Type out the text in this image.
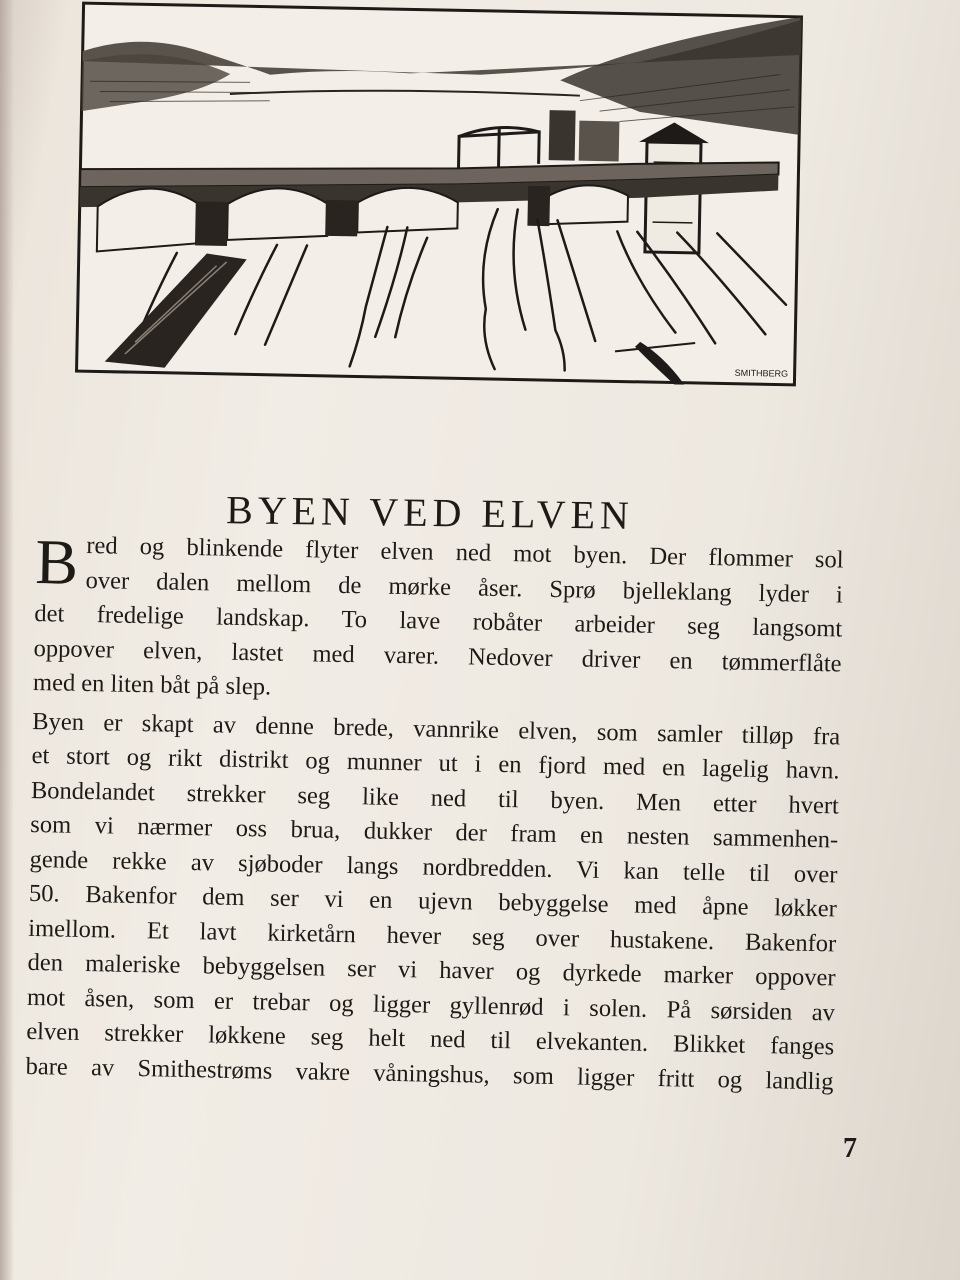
SMITHBERG
BYEN VED ELVEN
B red og blinkende flyter elven ned mot byen. Der flommer sol
over dalen mellom de mørke åser. Sprø bjelleklang lyder i
det fredelige landskap. To lave robåter arbeider seg langsomt
oppover elven, lastet med varer. Nedover driver en tømmerflåte
med en liten båt på slep.
Byen er skapt av denne brede, vannrike elven, som samler tilløp fra
et stort og rikt distrikt og munner ut i en fjord med en lagelig havn.
Bondelandet strekker seg like ned til byen. Men etter hvert
som vi nærmer oss brua, dukker der fram en nesten sammenhen-
gende rekke av sjøboder langs nordbredden. Vi kan telle til over
50. Bakenfor dem ser vi en ujevn bebyggelse med åpne løkker
imellom. Et lavt kirketårn hever seg over hustakene. Bakenfor
den maleriske bebyggelsen ser vi haver og dyrkede marker oppover
mot åsen, som er trebar og ligger gyllenrød i solen. På sørsiden av
elven strekker løkkene seg helt ned til elvekanten. Blikket fanges
bare av Smithestrøms vakre våningshus, som ligger fritt og landlig
7
